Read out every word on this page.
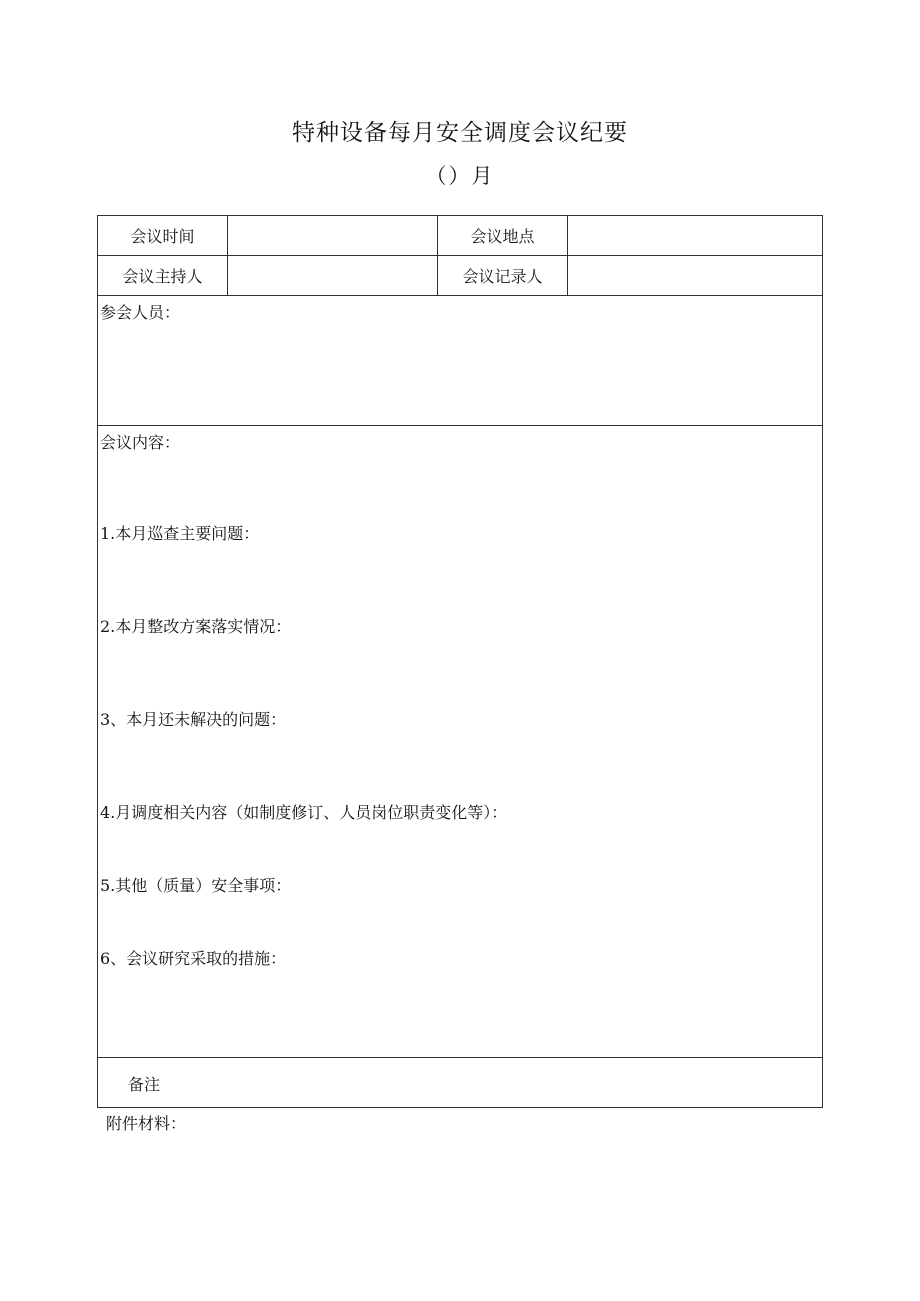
特种设备每月安全调度会议纪要
（）月
会议时间	会议地点
会议主持人	会议记录人
参会人员：
会议内容：
1.本月巡查主要问题：
2.本月整改方案落实情况：
3、本月还未解决的问题：
4.月调度相关内容（如制度修订、人员岗位职责变化等）：
5.其他（质量）安全事项：
6、会议研究采取的措施：
备注
附件材料：
